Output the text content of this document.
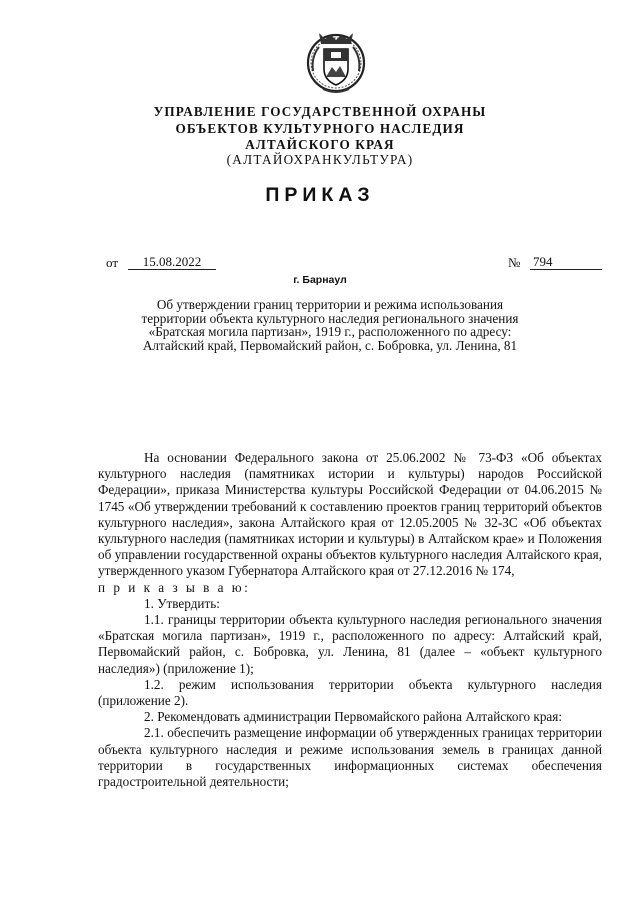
УПРАВЛЕНИЕ ГОСУДАРСТВЕННОЙ ОХРАНЫ
ОБЪЕКТОВ КУЛЬТУРНОГО НАСЛЕДИЯ
АЛТАЙСКОГО КРАЯ
(АЛТАЙОХРАНКУЛЬТУРА)
ПРИКАЗ
от	15.08.2022	№ 794
г. Барнаул
Об утверждении границ территории и режима использования территории объекта культурного наследия регионального значения «Братская могила партизан», 1919 г., расположенного по адресу: Алтайский край, Первомайский район, с. Бобровка, ул. Ленина, 81

На основании Федерального закона от 25.06.2002 № 73-ФЗ «Об объектах культурного наследия (памятниках истории и культуры) народов Российской Федерации», приказа Министерства культуры Российской Федерации от 04.06.2015 № 1745 «Об утверждении требований к составлению проектов границ территорий объектов культурного наследия», закона Алтайского края от 12.05.2005 № 32-ЗС «Об объектах культурного наследия (памятниках истории и культуры) в Алтайском крае» и Положения об управлении государственной охраны объектов культурного наследия Алтайского края, утвержденного указом Губернатора Алтайского края от 27.12.2016 № 174,

п р и к а з ы в а ю:

1. Утвердить:

1.1. границы территории объекта культурного наследия регионального значения «Братская могила партизан», 1919 г., расположенного по адресу: Алтайский край, Первомайский район, с. Бобровка, ул. Ленина, 81 (далее – «объект культурного наследия») (приложение 1);

1.2. режим использования территории объекта культурного наследия (приложение 2).

2. Рекомендовать администрации Первомайского района Алтайского края:

2.1. обеспечить размещение информации об утвержденных границах территории объекта культурного наследия и режиме использования земель в границах данной территории в государственных информационных системах обеспечения градостроительной деятельности;
